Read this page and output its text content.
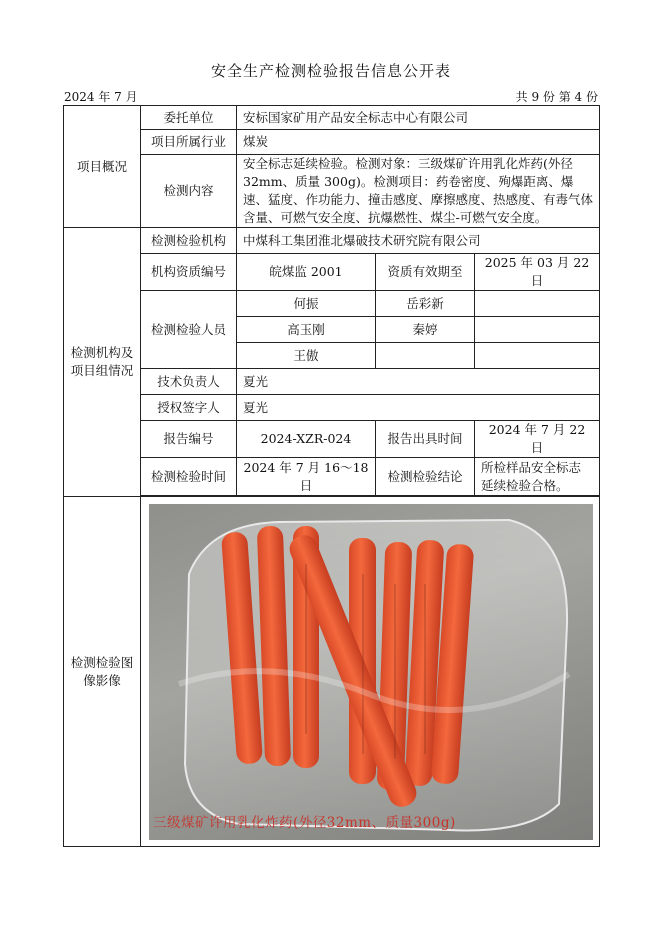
安全生产检测检验报告信息公开表
2024 年 7 月	共 9 份 第 4 份
项目概况	委托单位	安标国家矿用产品安全标志中心有限公司		
	项目所属行业	煤炭		
	检测内容	安全标志延续检验。检测对象：三级煤矿许用乳化炸药(外径32mm、质量 300g)。检测项目：药卷密度、殉爆距离、爆速、猛度、作功能力、撞击感度、摩擦感度、热感度、有毒气体含量、可燃气安全度、抗爆燃性、煤尘-可燃气安全度。		
检测机构及项目组情况	检测检验机构	中煤科工集团淮北爆破技术研究院有限公司		
	机构资质编号	皖煤监 2001	资质有效期至	2025 年 03 月 22 日
	检测检验人员	何振	岳彩新	
		高玉刚	秦婷	
		王傲		
	技术负责人	夏光		
	授权签字人	夏光		
	报告编号	2024-XZR-024	报告出具时间	2024 年 7 月 22 日
	检测检验时间	2024 年 7 月 16～18 日	检测检验结论	所检样品安全标志延续检验合格。

检测检验图像影像	三级煤矿许用乳化炸药(外径32mm、质量300g)			
